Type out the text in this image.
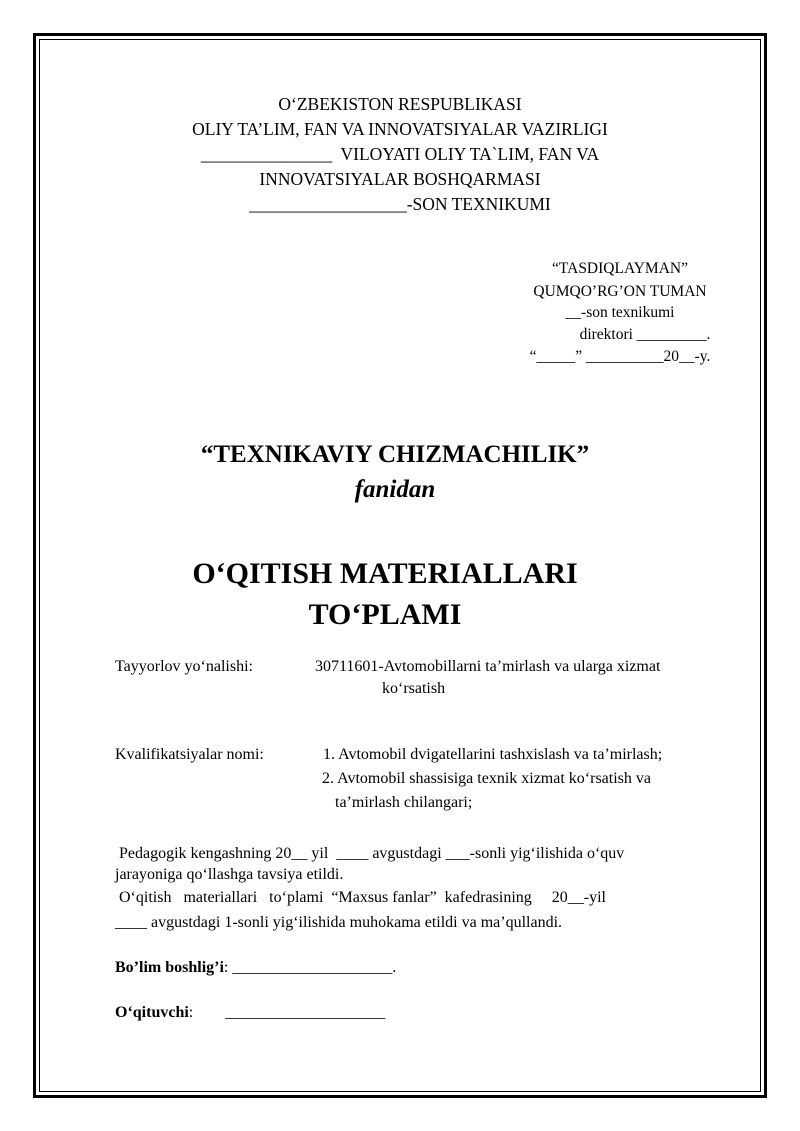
O‘ZBEKISTON RESPUBLIKASI
OLIY TA’LIM, FAN VA INNOVATSIYALAR VAZIRLIGI
_______________  VILOYATI OLIY TA`LIM, FAN VA
INNOVATSIYALAR BOSHQARMASI
__________________-SON TEXNIKUMI
“TASDIQLAYMAN”
QUMQO’RG’ON TUMAN
__-son texnikumi
direktori _________.
“_____” __________20__-y.
“TEXNIKAVIY CHIZMACHILIK”
fanidan
O‘QITISH MATERIALLARI
TO‘PLAMI
Tayyorlov yo‘nalishi:	30711601-Avtomobillarni ta’mirlash va ularga xizmat
ko‘rsatish
Kvalifikatsiyalar nomi:	1. Avtomobil dvigatellarini tashxislash va ta’mirlash;
2. Avtomobil shassisiga texnik xizmat ko‘rsatish va
ta’mirlash chilangari;
Pedagogik kengashning 20__ yil  ____ avgustdagi ___-sonli yig‘ilishida o‘quv
jarayoniga qo‘llashga tavsiya etildi.
O‘qitish   materiallari   to‘plami  “Maxsus fanlar”  kafedrasining     20__-yil
____ avgustdagi 1-sonli yig‘ilishida muhokama etildi va ma’qullandi.
Bo’lim boshlig’i: ____________________.
O‘qituvchi:        ____________________
